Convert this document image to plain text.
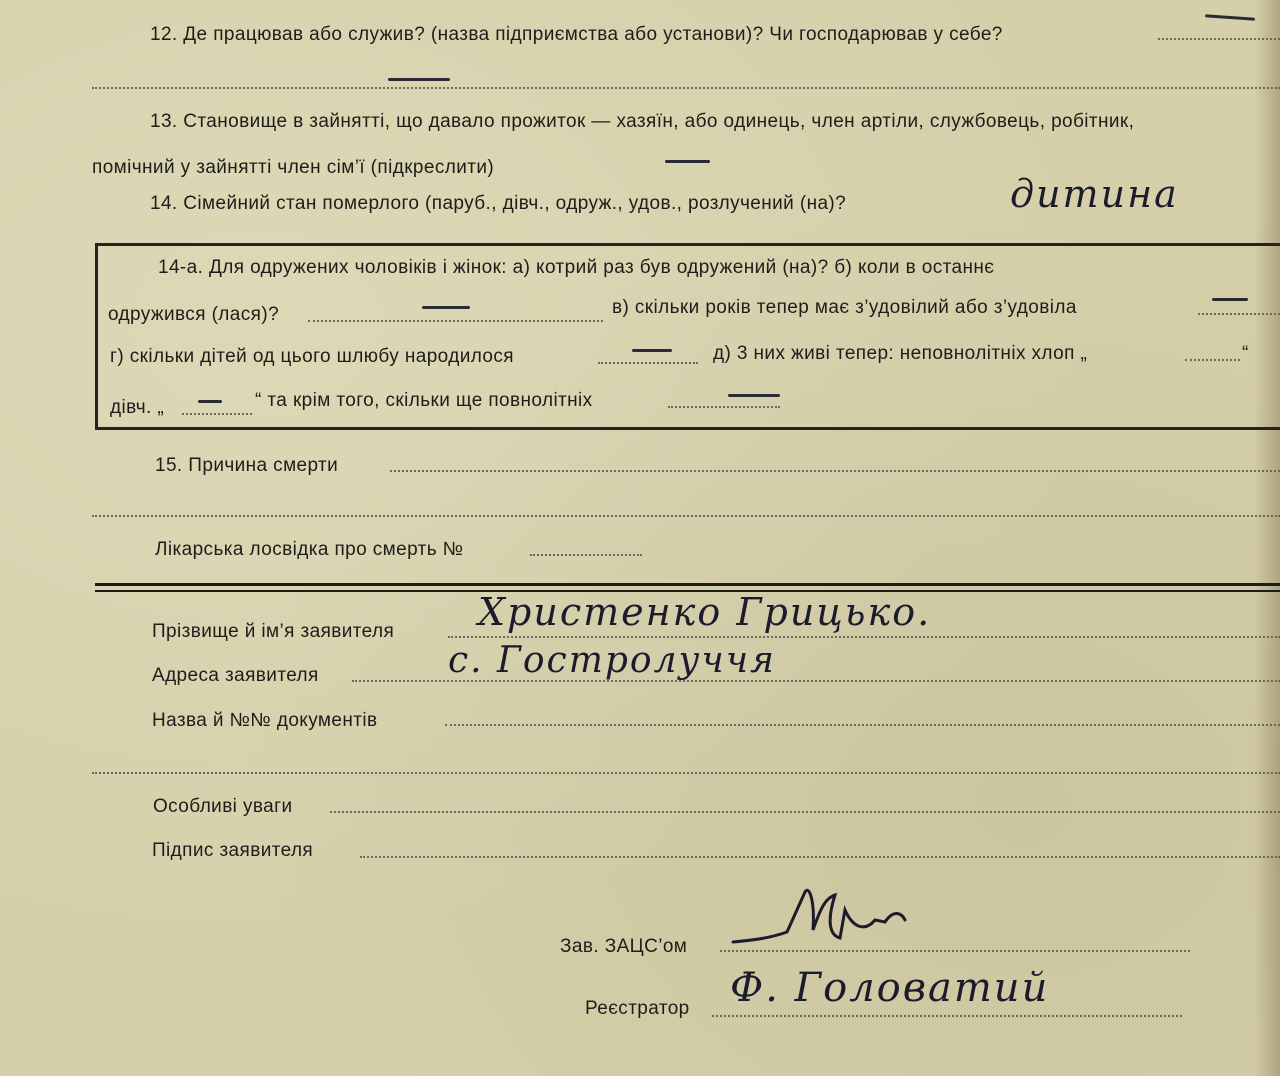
12. Де працював або служив? (назва підприємства або установи)? Чи господарював у себе?
13. Становище в зайнятті, що давало прожиток — хазяїн, або одинець, член артіли, службовець, робітник,
помічний у зайнятті член сім’ї (підкреслити)
14. Сімейний стан померлого (паруб., дівч., одруж., удов., розлучений (на)?	дитина
14-а. Для одружених чоловіків і жінок: а) котрий раз був одружений (на)? б) коли в останнє
одружився (лася)?	в) скільки років тепер має з’удовілий або з’удовіла
г) скільки дітей од цього шлюбу народилося	д) 3 них живі тепер: неповнолітніх хлоп „	“
дівч. „	“ та крім того, скільки ще повнолітніх
15. Причина смерти
Лікарська лосвідка про смерть №
Прізвище й ім’я заявителя Христенко Грицько.
Адреса заявителя	с. Гостролуччя
Назва й №№ документів
Особливі уваги
Підпис заявителя
Зав. ЗАЦС’ом
Реєстратор Ф. Головатий
